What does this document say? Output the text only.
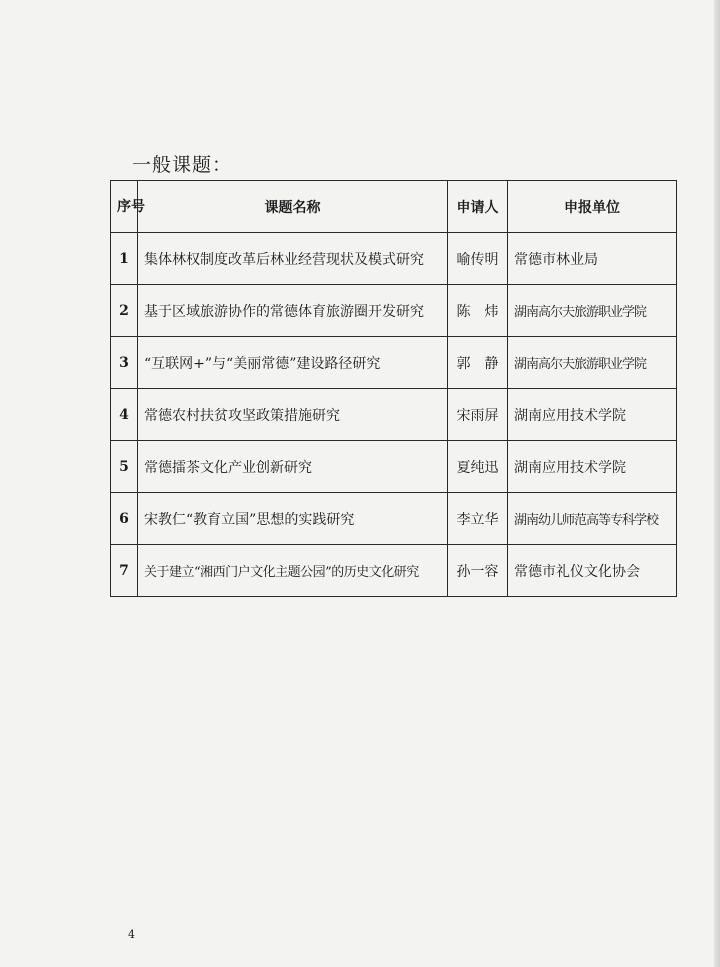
一般课题：
序号	课题名称	申请人	申报单位
1	集体林权制度改革后林业经营现状及模式研究	喻传明	常德市林业局
2	基于区域旅游协作的常德体育旅游圈开发研究	陈　炜	湖南高尔夫旅游职业学院
3	“互联网+”与“美丽常德”建设路径研究	郭　静	湖南高尔夫旅游职业学院
4	常德农村扶贫攻坚政策措施研究	宋雨屏	湖南应用技术学院
5	常德擂茶文化产业创新研究	夏纯迅	湖南应用技术学院
6	宋教仁“教育立国”思想的实践研究	李立华	湖南幼儿师范高等专科学校
7	关于建立“湘西门户文化主题公园”的历史文化研究	孙一容	常德市礼仪文化协会
4
